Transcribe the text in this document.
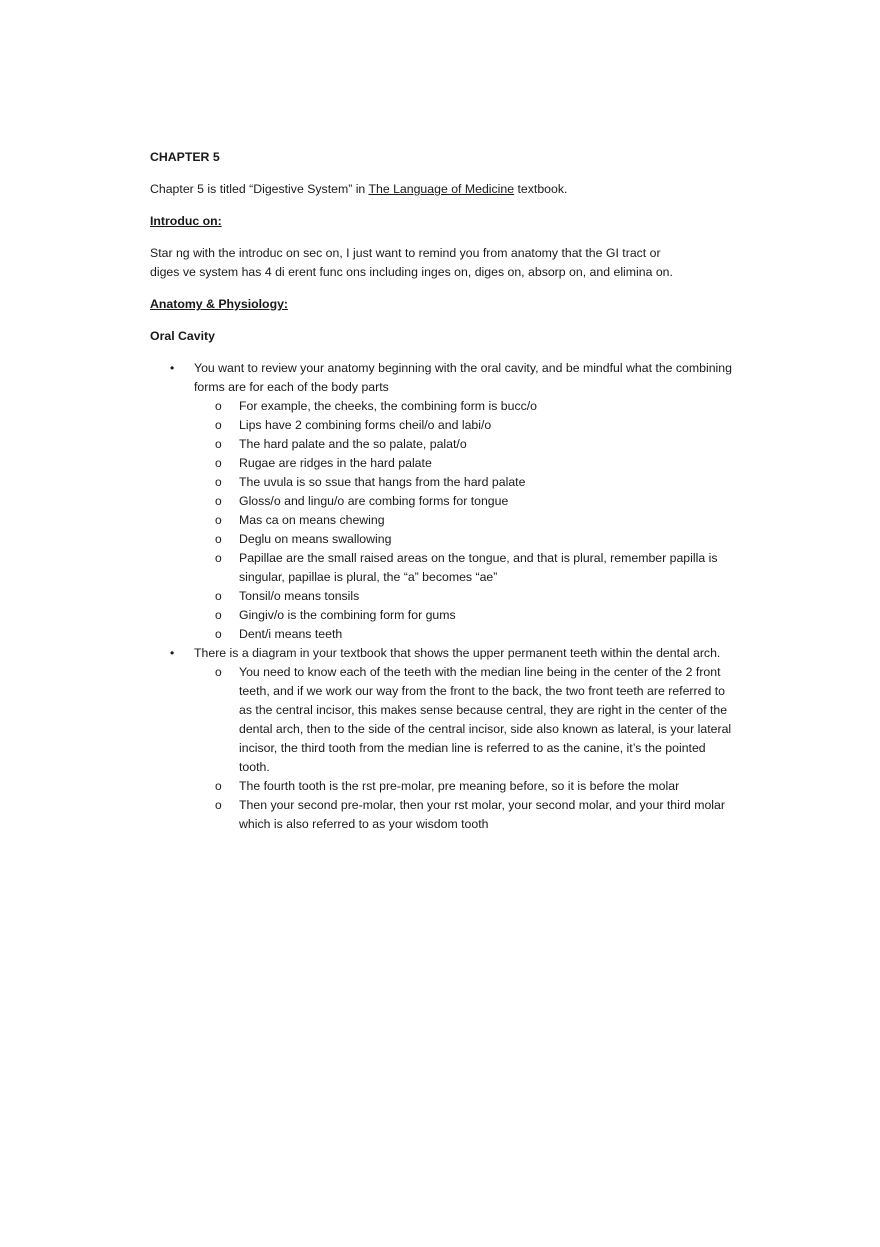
CHAPTER 5

Chapter 5 is titled “Digestive System” in The Language of Medicine textbook.

Introduc on:

Star ng with the introduc on sec on, I just want to remind you from anatomy that the GI tract or
diges ve system has 4 di erent func ons including inges on, diges on, absorp on, and elimina on.

Anatomy & Physiology:

Oral Cavity

• You want to review your anatomy beginning with the oral cavity, and be mindful what the combining forms are for each of the body parts
o For example, the cheeks, the combining form is bucc/o
o Lips have 2 combining forms cheil/o and labi/o
o The hard palate and the so palate, palat/o
o Rugae are ridges in the hard palate
o The uvula is so ssue that hangs from the hard palate
o Gloss/o and lingu/o are combing forms for tongue
o Mas ca on means chewing
o Deglu on means swallowing
o Papillae are the small raised areas on the tongue, and that is plural, remember papilla is singular, papillae is plural, the “a” becomes “ae”
o Tonsil/o means tonsils
o Gingiv/o is the combining form for gums
o Dent/i means teeth
• There is a diagram in your textbook that shows the upper permanent teeth within the dental arch.
o You need to know each of the teeth with the median line being in the center of the 2 front teeth, and if we work our way from the front to the back, the two front teeth are referred to as the central incisor, this makes sense because central, they are right in the center of the dental arch, then to the side of the central incisor, side also known as lateral, is your lateral incisor, the third tooth from the median line is referred to as the canine, it’s the pointed tooth.
o The fourth tooth is the rst pre-molar, pre meaning before, so it is before the molar
o Then your second pre-molar, then your rst molar, your second molar, and your third molar which is also referred to as your wisdom tooth
